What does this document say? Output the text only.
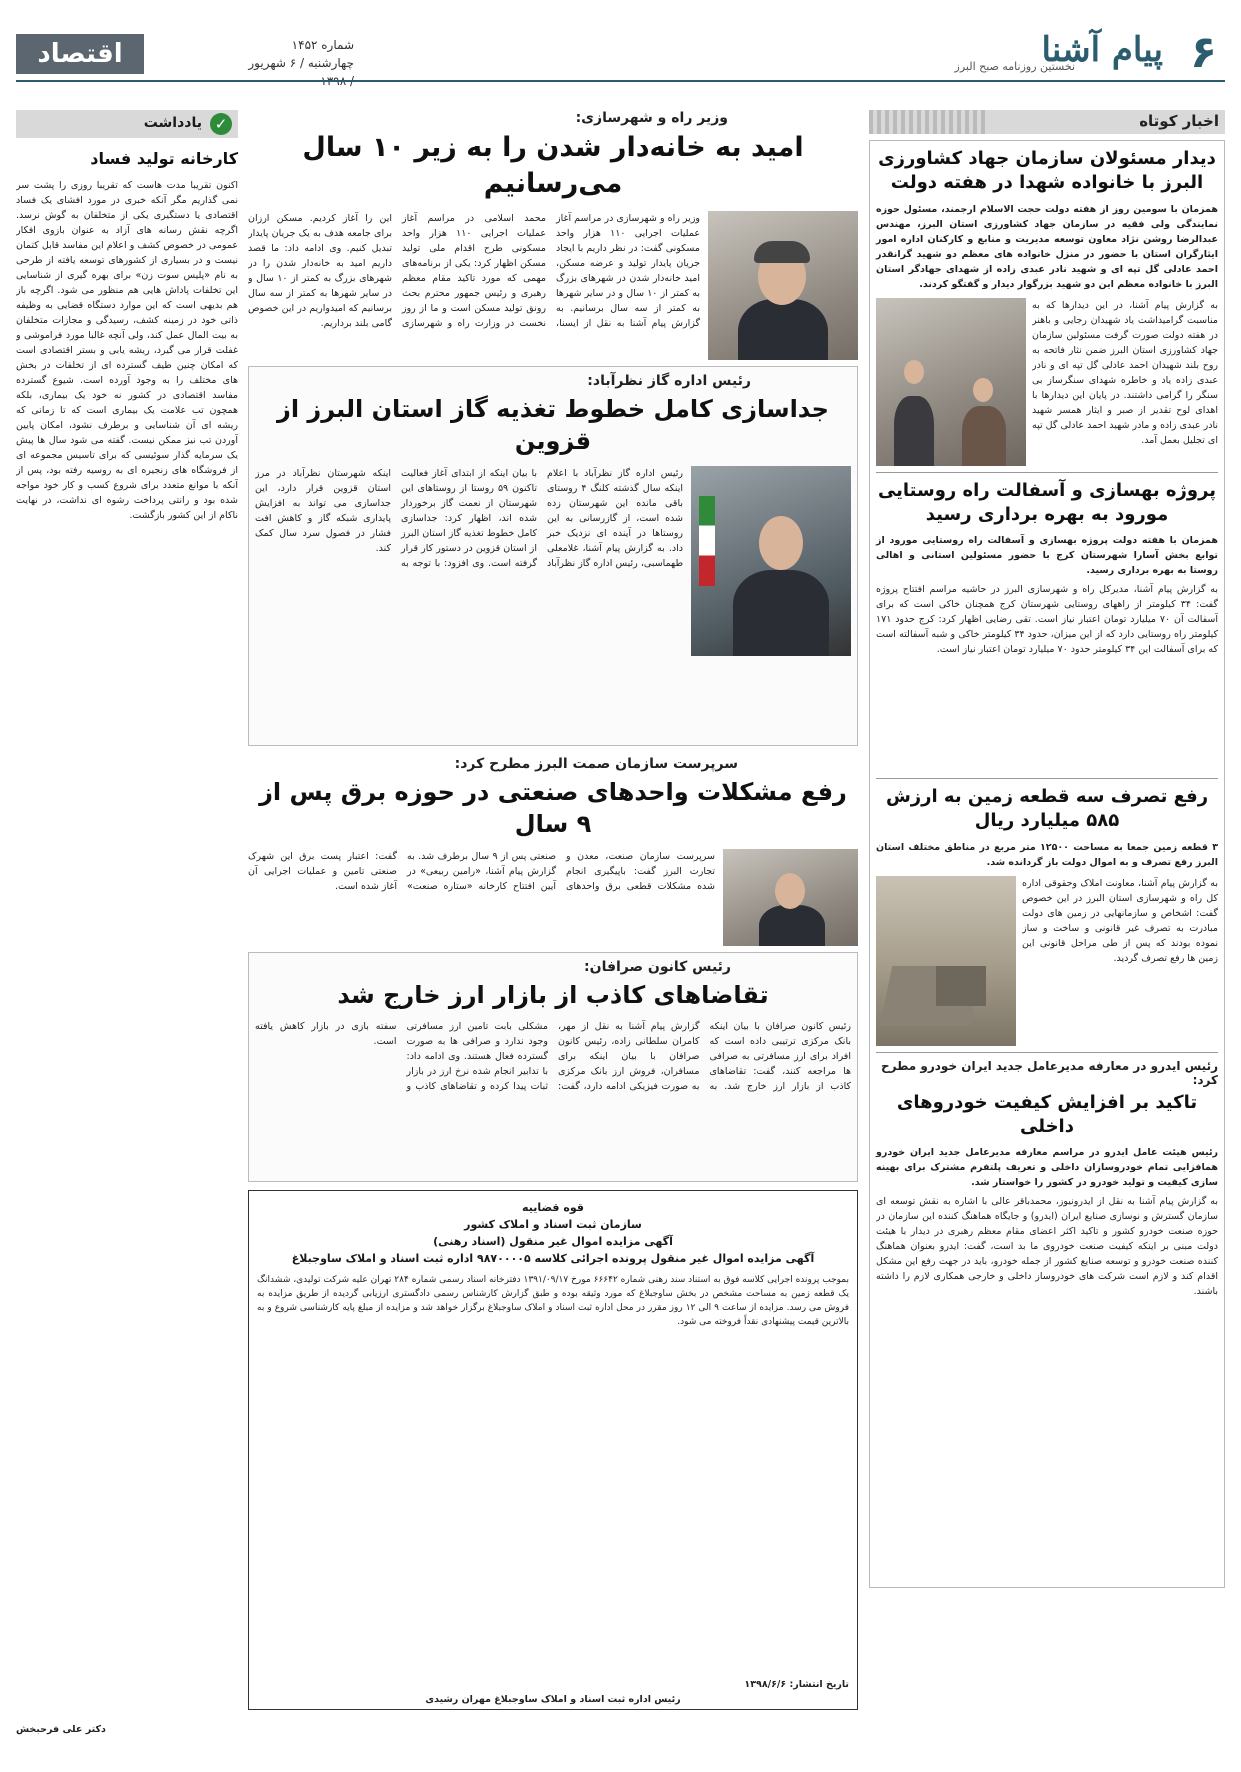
اقتصاد	شماره ۱۴۵۲
چهارشنبه / ۶ شهریور	۶
پیام آشنا
نخستین روزنامه صبح البرز
اخبار کوتاه
دیدار مسئولان سازمان جهاد کشاورزی البرز با خانواده شهدا در هفته دولت
همزمان با سومین روز از هفته دولت حجت الاسلام ارجمند، مسئول حوزه نمایندگی ولی فقیه در سازمان جهاد کشاورزی استان البرز، مهندس عبدالرضا روشن نژاد معاون توسعه مدیریت و منابع و کارکنان اداره امور ایثارگران استان با حضور در منزل خانواده های معظم دو شهید گرانقدر احمد عادلی گل تپه ای و شهید نادر عبدی زاده از شهدای جهادگر استان البرز با خانواده معظم این دو شهید بزرگوار دیدار و گفتگو کردند.
به گزارش پیام آشنا، در این دیدارها که به مناسبت گرامیداشت یاد شهیدان رجایی و باهنر در هفته دولت صورت گرفت مسئولین سازمان جهاد کشاورزی استان البرز ضمن نثار فاتحه به روح بلند شهیدان احمد عادلی گل تپه ای و نادر عبدی زاده یاد و خاطره شهدای سنگرساز بی سنگر را گرامی داشتند. در پایان این دیدارها با اهدای لوح تقدیر از صبر و ایثار همسر شهید نادر عبدی زاده و مادر شهید احمد عادلی گل تپه ای تجلیل بعمل آمد.
پروژه بهسازی و آسفالت راه روستایی مورود به بهره برداری رسید
همزمان با هفته دولت پروژه بهسازی و آسفالت راه روستایی مورود از توابع بخش آسارا شهرستان کرج با حضور مسئولین استانی و اهالی روستا به بهره برداری رسید.
به گزارش پیام آشنا، مدیرکل راه و شهرسازی البرز در حاشیه مراسم افتتاح پروژه گفت: ۳۴ کیلومتر از راههای روستایی شهرستان کرج همچنان خاکی است که برای آسفالت آن ۷۰ میلیارد تومان اعتبار نیاز است. تقی رضایی اظهار کرد: کرج حدود ۱۷۱ کیلومتر راه روستایی دارد که از این میزان، حدود ۳۴ کیلومتر خاکی و شبه آسفالته است که برای آسفالت این ۳۴ کیلومتر حدود ۷۰ میلیارد تومان اعتبار نیاز است.
رفع تصرف سه قطعه زمین به ارزش ۵۸۵ میلیارد ریال
۳ قطعه زمین جمعا به مساحت ۱۲۵۰۰ متر مربع در مناطق مختلف استان البرز رفع تصرف و به اموال دولت باز گردانده شد.
به گزارش پیام آشنا، معاونت املاک وحقوقی اداره کل راه و شهرسازی استان البرز در این خصوص گفت: اشخاص و سازمانهایی در زمین های دولت مبادرت به تصرف غیر قانونی و ساخت و ساز نموده بودند که پس از طی مراحل قانونی این زمین ها رفع تصرف گردید.
رئیس ایدرو در معارفه مدیرعامل جدید ایران خودرو مطرح کرد:
تاکید بر افزایش کیفیت خودروهای داخلی
رئیس هیئت عامل ایدرو در مراسم معارفه مدیرعامل جدید ایران خودرو همافزایی تمام خودروسازان داخلی و تعریف پلتفرم مشترک برای بهینه سازی کیفیت و تولید خودرو در کشور را خواستار شد.
به گزارش پیام آشنا به نقل از ایدرونیوز، محمدباقر عالی با اشاره به نقش توسعه ای سازمان گسترش و نوسازی صنایع ایران (ایدرو) و جایگاه هماهنگ کننده این سازمان در حوزه صنعت خودرو کشور و تاکید اکثر اعضای مقام معظم رهبری در دیدار با هیئت دولت مبنی بر اینکه کیفیت صنعت خودروی ما بد است، گفت: ایدرو بعنوان هماهنگ کننده صنعت خودرو و توسعه صنایع کشور از جمله خودرو، باید در جهت رفع این مشکل اقدام کند و لازم است شرکت های خودروساز داخلی و خارجی همکاری لازم را داشته باشند.
وزیر راه و شهرسازی:
امید به خانه‌دار شدن را به زیر ۱۰ سال می‌رسانیم
وزیر راه و شهرسازی در مراسم آغاز عملیات اجرایی ۱۱۰ هزار واحد مسکونی گفت: در نظر داریم با ایجاد جریان پایدار تولید و عرضه مسکن، امید خانه‌دار شدن در شهرهای بزرگ به کمتر از ۱۰ سال و در سایر شهرها به کمتر از سه سال برسانیم. به گزارش پیام آشنا به نقل از ایسنا، محمد اسلامی در مراسم آغاز عملیات اجرایی ۱۱۰ هزار واحد مسکونی طرح اقدام ملی تولید مسکن اظهار کرد: یکی از برنامه‌های مهمی که مورد تاکید مقام معظم رهبری و رئیس جمهور محترم بحث رونق تولید مسکن است و ما از روز نخست در وزارت راه و شهرسازی این را آغاز کردیم. مسکن ارزان برای جامعه هدف به یک جریان پایدار تبدیل کنیم. وی ادامه داد: ما قصد داریم امید به خانه‌دار شدن را در شهرهای بزرگ به کمتر از ۱۰ سال و در سایر شهرها به کمتر از سه سال برسانیم که امیدواریم در این خصوص گامی بلند برداریم.
رئیس اداره گاز نظرآباد:
جداسازی کامل خطوط تغذیه گاز استان البرز از قزوین
رئیس اداره گاز نظرآباد با اعلام اینکه سال گذشته کلنگ ۴ روستای باقی مانده این شهرستان زده شده است، از گازرسانی به این روستاها در آینده ای نزدیک خبر داد. به گزارش پیام آشنا، غلامعلی طهماسبی، رئیس اداره گاز نظرآباد با بیان اینکه از ابتدای آغاز فعالیت تاکنون ۵۹ روستا از روستاهای این شهرستان از نعمت گاز برخوردار شده اند، اظهار کرد: جداسازی کامل خطوط تغذیه گاز استان البرز از استان قزوین در دستور کار قرار گرفته است. وی افزود: با توجه به اینکه شهرستان نظرآباد در مرز استان قزوین قرار دارد، این جداسازی می تواند به افزایش پایداری شبکه گاز و کاهش افت فشار در فصول سرد سال کمک کند.
سرپرست سازمان صمت البرز مطرح کرد:
رفع مشکلات واحدهای صنعتی در حوزه برق پس از ۹ سال
سرپرست سازمان صنعت، معدن و تجارت البرز گفت: باپیگیری انجام شده مشکلات قطعی برق واحدهای صنعتی پس از ۹ سال برطرف شد. به گزارش پیام آشنا، «رامین ربیعی» در آیین افتتاح کارخانه «ستاره صنعت» گفت: اعتبار پست برق این شهرک صنعتی تامین و عملیات اجرایی آن آغاز شده است.
رئیس کانون صرافان:
تقاضاهای کاذب از بازار ارز خارج شد
رئیس کانون صرافان با بیان اینکه بانک مرکزی ترتیبی داده است که افراد برای ارز مسافرتی به صرافی ها مراجعه کنند، گفت: تقاضاهای کاذب از بازار ارز خارج شد. به گزارش پیام آشنا به نقل از مهر، کامران سلطانی زاده، رئیس کانون صرافان با بیان اینکه برای مسافران، فروش ارز بانک مرکزی به صورت فیزیکی ادامه دارد، گفت: مشکلی بابت تامین ارز مسافرتی وجود ندارد و صرافی ها به صورت گسترده فعال هستند. وی ادامه داد: با تدابیر انجام شده نرخ ارز در بازار ثبات پیدا کرده و تقاضاهای کاذب و سفته بازی در بازار کاهش یافته است.
قوه قضاییه
سازمان ثبت اسناد و املاک کشور
آگهی مزایده اموال غیر منقول (اسناد رهنی)
آگهی مزایده اموال غیر منقول پرونده اجرائی کلاسه ۹۸۷۰۰۰۰۵ اداره ثبت اسناد و املاک ساوجبلاغ
بموجب پرونده اجرایی کلاسه فوق به استناد سند رهنی شماره ۶۶۶۴۲ مورخ ۱۳۹۱/۰۹/۱۷ دفترخانه اسناد رسمی شماره ۲۸۴ تهران علیه شرکت تولیدی، ششدانگ یک قطعه زمین به مساحت مشخص در بخش ساوجبلاغ که مورد وثیقه بوده و طبق گزارش کارشناس رسمی دادگستری ارزیابی گردیده از طریق مزایده به فروش می رسد. مزایده از ساعت ۹ الی ۱۲ روز مقرر در محل اداره ثبت اسناد و املاک ساوجبلاغ برگزار خواهد شد و مزایده از مبلغ پایه کارشناسی شروع و به بالاترین قیمت پیشنهادی نقداً فروخته می شود.
تاریخ انتشار: ۱۳۹۸/۶/۶
رئیس اداره ثبت اسناد و املاک ساوجبلاغ مهران رشیدی
✓
یادداشت
کارخانه تولید فساد
اکنون تقریبا مدت هاست که تقریبا روزی را پشت سر نمی گذاریم مگر آنکه خبری در مورد افشای یک فساد اقتصادی یا دستگیری یکی از متخلفان به گوش نرسد. اگرچه نقش رسانه های آزاد به عنوان بازوی افکار عمومی در خصوص کشف و اعلام این مفاسد قابل کتمان نیست و در بسیاری از کشورهای توسعه یافته از طرحی به نام «پلیس سوت زن» برای بهره گیری از شناسایی این تخلفات پاداش هایی هم منظور می شود. اگرچه باز هم بدیهی است که این موارد دستگاه قضایی به وظیفه ذاتی خود در زمینه کشف، رسیدگی و مجازات متخلفان به بیت المال عمل کند، ولی آنچه غالبا مورد فراموشی و غفلت قرار می گیرد، ریشه یابی و بستر اقتصادی است که امکان چنین طیف گسترده ای از تخلفات در بخش های مختلف را به وجود آورده است. شیوع گسترده مفاسد اقتصادی در کشور نه خود یک بیماری، بلکه همچون تب علامت یک بیماری است که تا زمانی که ریشه ای آن شناسایی و برطرف نشود، امکان پایین آوردن تب نیز ممکن نیست. گفته می شود سال ها پیش یک سرمایه گذار سوئیسی که برای تاسیس مجموعه ای از فروشگاه های زنجیره ای به روسیه رفته بود، پس از آنکه با موانع متعدد برای شروع کسب و کار خود مواجه شده بود و رانتی پرداخت رشوه ای نداشت، در نهایت ناکام از این کشور بازگشت.
دکتر علی فرحبخش
